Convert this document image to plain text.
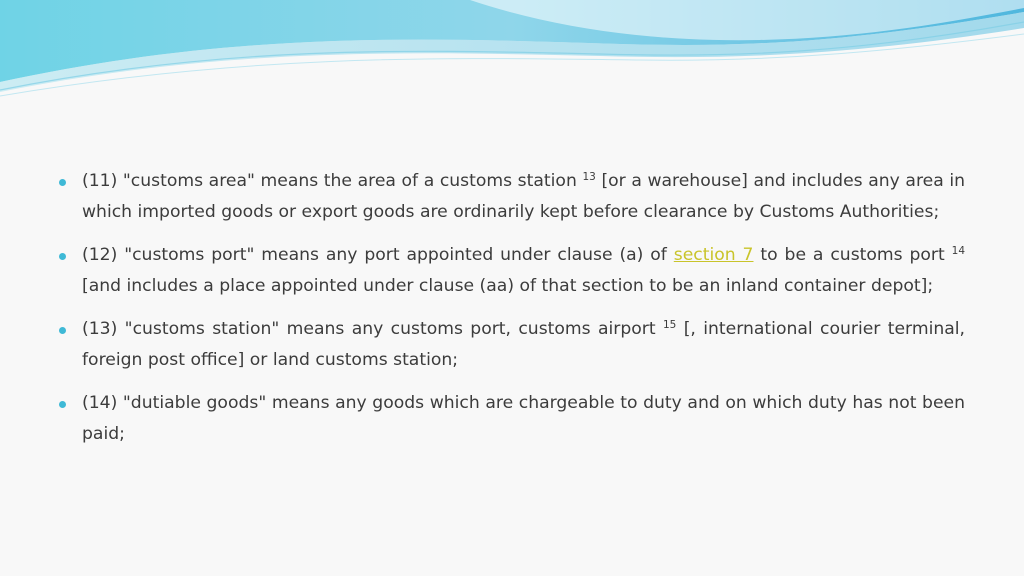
(11) "customs area" means the area of a customs station $^{13}$ [or a warehouse] and includes any area in which imported goods or export goods are ordinarily kept before clearance by Customs Authorities;
(12) "customs port" means any port appointed under clause (a) of section 7 to be a customs port $^{14}$ [and includes a place appointed under clause (aa) of that section to be an inland container depot];
(13) "customs station" means any customs port, customs airport $^{15}$ [, international courier terminal, foreign post office] or land customs station;
(14) "dutiable goods" means any goods which are chargeable to duty and on which duty has not been paid;
